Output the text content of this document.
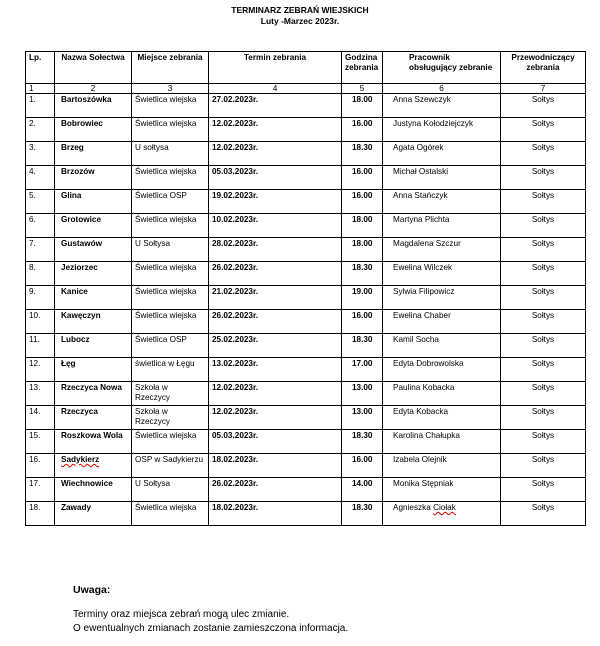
TERMINARZ ZEBRAŃ WIEJSKICH
Luty -Marzec 2023r.
Lp.	Nazwa Sołectwa	Miejsce zebrania	Termin zebrania	Godzina zebrania	Pracownik obsługujący zebranie	Przewodniczący zebrania
1	2	3	4	5	6	7
1.	Bartoszówka	Świetlica wiejska	27.02.2023r.	18.00	Anna Szewczyk	Sołtys
2.	Bobrowiec	Świetlica wiejska	12.02.2023r.	16.00	Justyna Kołodziejczyk	Sołtys
3.	Brzeg	U sołtysa	12.02.2023r.	18.30	Agata Ogórek	Sołtys
4.	Brzozów	Świetlica wiejska	05.03.2023r.	16.00	Michał Ostalski	Sołtys
5.	Glina	Świetlica OSP	19.02.2023r.	16.00	Anna Stańczyk	Sołtys
6.	Grotowice	Świetlica wiejska	10.02.2023r.	18.00	Martyna Plichta	Sołtys
7.	Gustawów	U Sołtysa	28.02.2023r.	18.00	Magdalena Szczur	Sołtys
8.	Jeziorzec	Świetlica wiejska	26.02.2023r.	18.30	Ewelina Wilczek	Sołtys
9.	Kanice	Świetlica wiejska	21.02.2023r.	19.00	Sylwia Filipowicz	Sołtys
10.	Kawęczyn	Świetlica wiejska	26.02.2023r.	16.00	Ewelina Chaber	Sołtys
11.	Lubocz	Świetlica OSP	25.02.2023r.	18.30	Kamil Socha	Sołtys
12.	Łęg	świetlica w Łęgu	13.02.2023r.	17.00	Edyta Dobrowolska	Sołtys
13.	Rzeczyca Nowa	Szkoła w Rzeczycy	12.02.2023r.	13.00	Paulina Kobacka	Sołtys
14.	Rzeczyca	Szkoła w Rzeczycy	12.02.2023r.	13.00	Edyta Kobacka	Sołtys
15.	Roszkowa Wola	Świetlica wiejska	05.03.2023r.	18.30	Karolina Chałupka	Sołtys
16.	Sadykierz	OSP w Sadykierzu	18.02.2023r.	16.00	Izabela Olejnik	Sołtys
17.	Wiechnowice	U Sołtysa	26.02.2023r.	14.00	Monika Stępniak	Sołtys
18.	Zawady	Świetlica wiejska	18.02.2023r.	18.30	Agnieszka Ciołak	Sołtys
Uwaga:
Terminy oraz miejsca zebrań mogą ulec zmianie.
O ewentualnych zmianach zostanie zamieszczona informacja.
